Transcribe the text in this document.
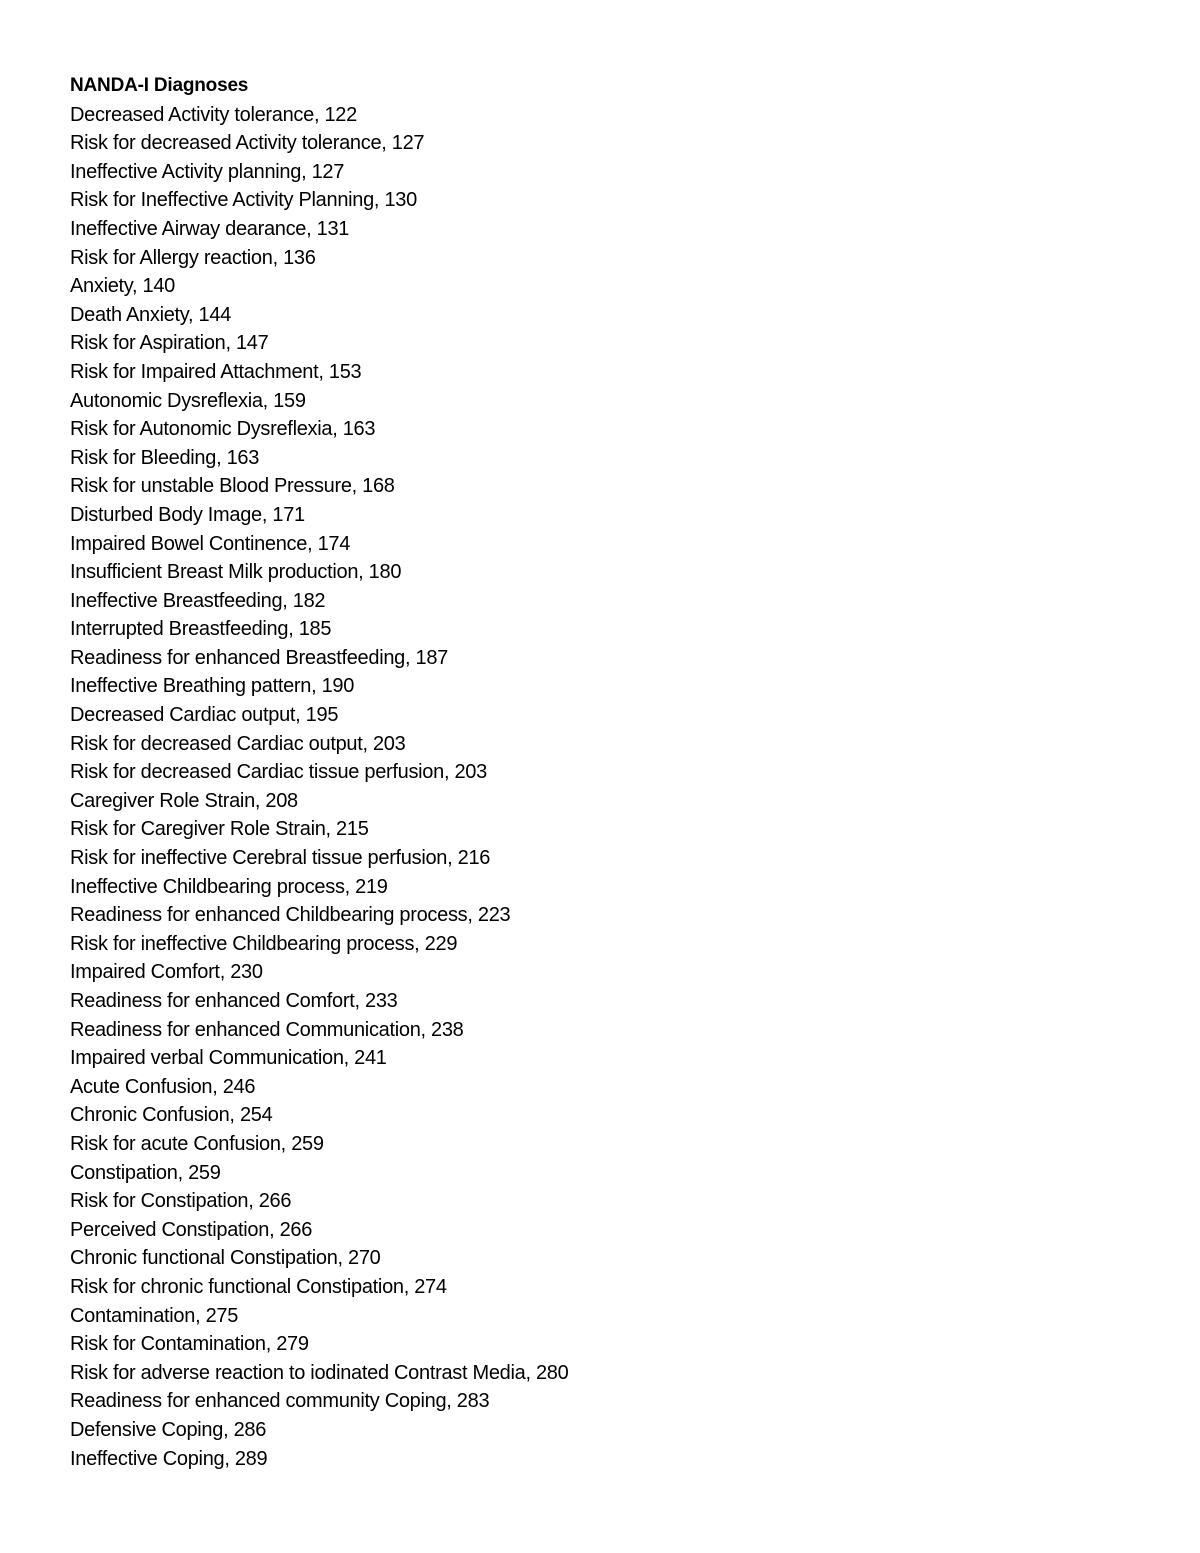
NANDA-I Diagnoses
Decreased Activity tolerance, 122
Risk for decreased Activity tolerance, 127
Ineffective Activity planning, 127
Risk for Ineffective Activity Planning, 130
Ineffective Airway dearance, 131
Risk for Allergy reaction, 136
Anxiety, 140
Death Anxiety, 144
Risk for Aspiration, 147
Risk for Impaired Attachment, 153
Autonomic Dysreflexia, 159
Risk for Autonomic Dysreflexia, 163
Risk for Bleeding, 163
Risk for unstable Blood Pressure, 168
Disturbed Body Image, 171
Impaired Bowel Continence, 174
Insufficient Breast Milk production, 180
Ineffective Breastfeeding, 182
Interrupted Breastfeeding, 185
Readiness for enhanced Breastfeeding, 187
Ineffective Breathing pattern, 190
Decreased Cardiac output, 195
Risk for decreased Cardiac output, 203
Risk for decreased Cardiac tissue perfusion, 203
Caregiver Role Strain, 208
Risk for Caregiver Role Strain, 215
Risk for ineffective Cerebral tissue perfusion, 216
Ineffective Childbearing process, 219
Readiness for enhanced Childbearing process, 223
Risk for ineffective Childbearing process, 229
Impaired Comfort, 230
Readiness for enhanced Comfort, 233
Readiness for enhanced Communication, 238
Impaired verbal Communication, 241
Acute Confusion, 246
Chronic Confusion, 254
Risk for acute Confusion, 259
Constipation, 259
Risk for Constipation, 266
Perceived Constipation, 266
Chronic functional Constipation, 270
Risk for chronic functional Constipation, 274
Contamination, 275
Risk for Contamination, 279
Risk for adverse reaction to iodinated Contrast Media, 280
Readiness for enhanced community Coping, 283
Defensive Coping, 286
Ineffective Coping, 289
